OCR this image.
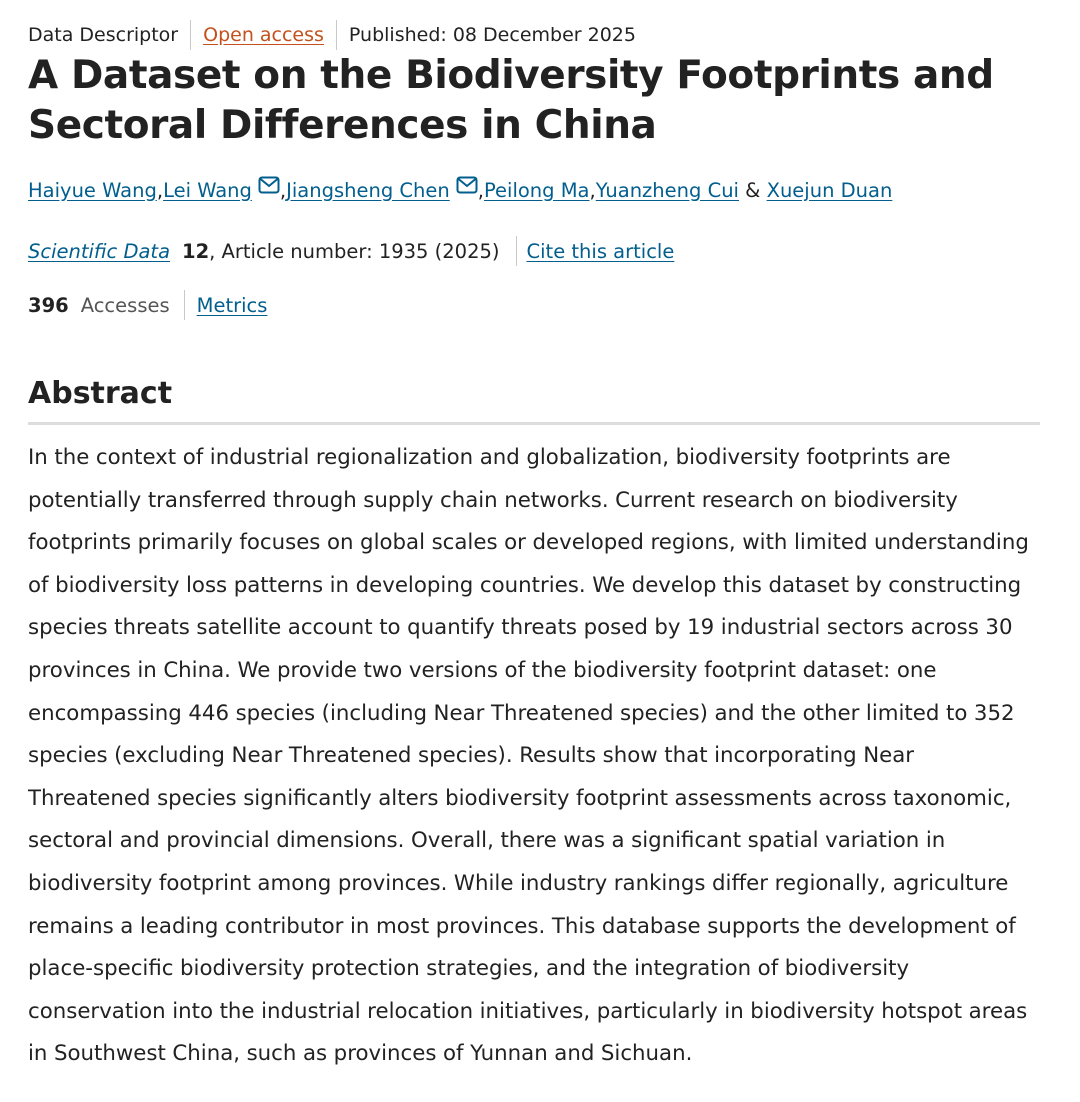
Data Descriptor Open access Published: 08 December 2025
A Dataset on the Biodiversity Footprints and Sectoral Differences in China
Haiyue Wang , Lei Wang , Jiangsheng Chen , Peilong Ma , Yuanzheng Cui & Xuejun Duan
Scientific Data 12 , Article number: 1935 (2025) Cite this article
396 Accesses Metrics
Abstract

In the context of industrial regionalization and globalization, biodiversity footprints are potentially transferred through supply chain networks. Current research on biodiversity footprints primarily focuses on global scales or developed regions, with limited understanding of biodiversity loss patterns in developing countries. We develop this dataset by constructing species threats satellite account to quantify threats posed by 19 industrial sectors across 30 provinces in China. We provide two versions of the biodiversity footprint dataset: one encompassing 446 species (including Near Threatened species) and the other limited to 352 species (excluding Near Threatened species). Results show that incorporating Near Threatened species significantly alters biodiversity footprint assessments across taxonomic, sectoral and provincial dimensions. Overall, there was a significant spatial variation in biodiversity footprint among provinces. While industry rankings differ regionally, agriculture remains a leading contributor in most provinces. This database supports the development of place-specific biodiversity protection strategies, and the integration of biodiversity conservation into the industrial relocation initiatives, particularly in biodiversity hotspot areas in Southwest China, such as provinces of Yunnan and Sichuan.
